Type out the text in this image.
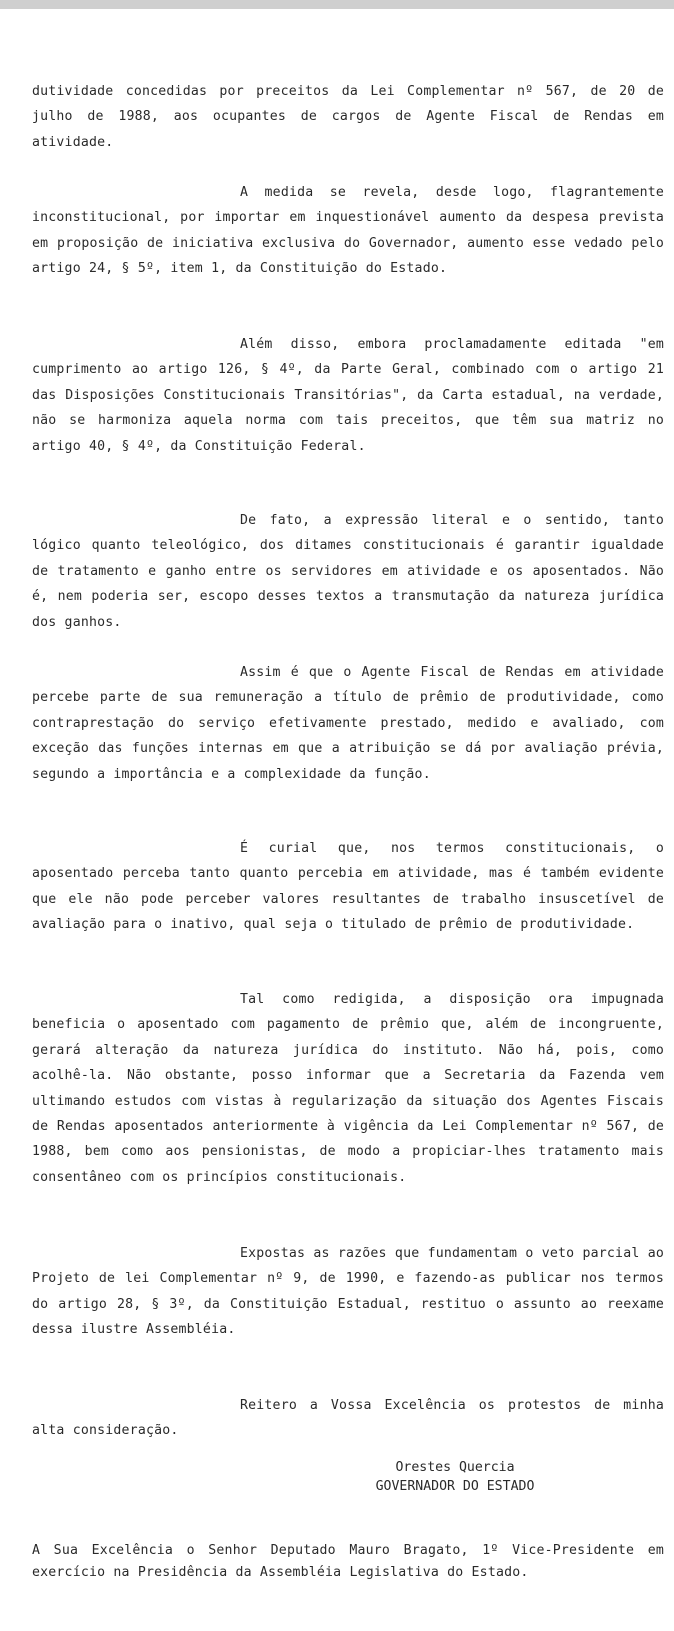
dutividade concedidas por preceitos da Lei Complementar nº 567, de 20 de julho de 1988, aos ocupantes de cargos de Agente Fiscal de Rendas em atividade.

A medida se revela, desde logo, flagrantemente inconstitucional, por importar em inquestionável aumento da despesa prevista em proposição de iniciativa exclusiva do Governador, aumento esse vedado pelo artigo 24, § 5º, item 1, da Constituição do Estado.

Além disso, embora proclamadamente editada "em cumprimento ao artigo 126, § 4º, da Parte Geral, combinado com o artigo 21 das Disposições Constitucionais Transitórias", da Carta estadual, na verdade, não se harmoniza aquela norma com tais preceitos, que têm sua matriz no artigo 40, § 4º, da Constituição Federal.

De fato, a expressão literal e o sentido, tanto lógico quanto teleológico, dos ditames constitucionais é garantir igualdade de tratamento e ganho entre os servidores em atividade e os aposentados. Não é, nem poderia ser, escopo desses textos a transmutação da natureza jurídica dos ganhos.

Assim é que o Agente Fiscal de Rendas em atividade percebe parte de sua remuneração a título de prêmio de produtividade, como contraprestação do serviço efetivamente prestado, medido e avaliado, com exceção das funções internas em que a atribuição se dá por avaliação prévia, segundo a importância e a complexidade da função.

É curial que, nos termos constitucionais, o aposentado perceba tanto quanto percebia em atividade, mas é também evidente que ele não pode perceber valores resultantes de trabalho insuscetível de avaliação para o inativo, qual seja o titulado de prêmio de produtividade.

Tal como redigida, a disposição ora impugnada beneficia o aposentado com pagamento de prêmio que, além de incongruente, gerará alteração da natureza jurídica do instituto. Não há, pois, como acolhê-la. Não obstante, posso informar que a Secretaria da Fazenda vem ultimando estudos com vistas à regularização da situação dos Agentes Fiscais de Rendas aposentados anteriormente à vigência da Lei Complementar nº 567, de 1988, bem como aos pensionistas, de modo a propiciar-lhes tratamento mais consentâneo com os princípios constitucionais.

Expostas as razões que fundamentam o veto parcial ao Projeto de lei Complementar nº 9, de 1990, e fazendo-as publicar nos termos do artigo 28, § 3º, da Constituição Estadual, restituo o assunto ao reexame dessa ilustre Assembléia.

Reitero a Vossa Excelência os protestos de minha alta consideração.

Orestes Quercia
GOVERNADOR DO ESTADO
A Sua Excelência o Senhor Deputado Mauro Bragato, 1º Vice-Presidente em exercício na Presidência da Assembléia Legislativa do Estado.
